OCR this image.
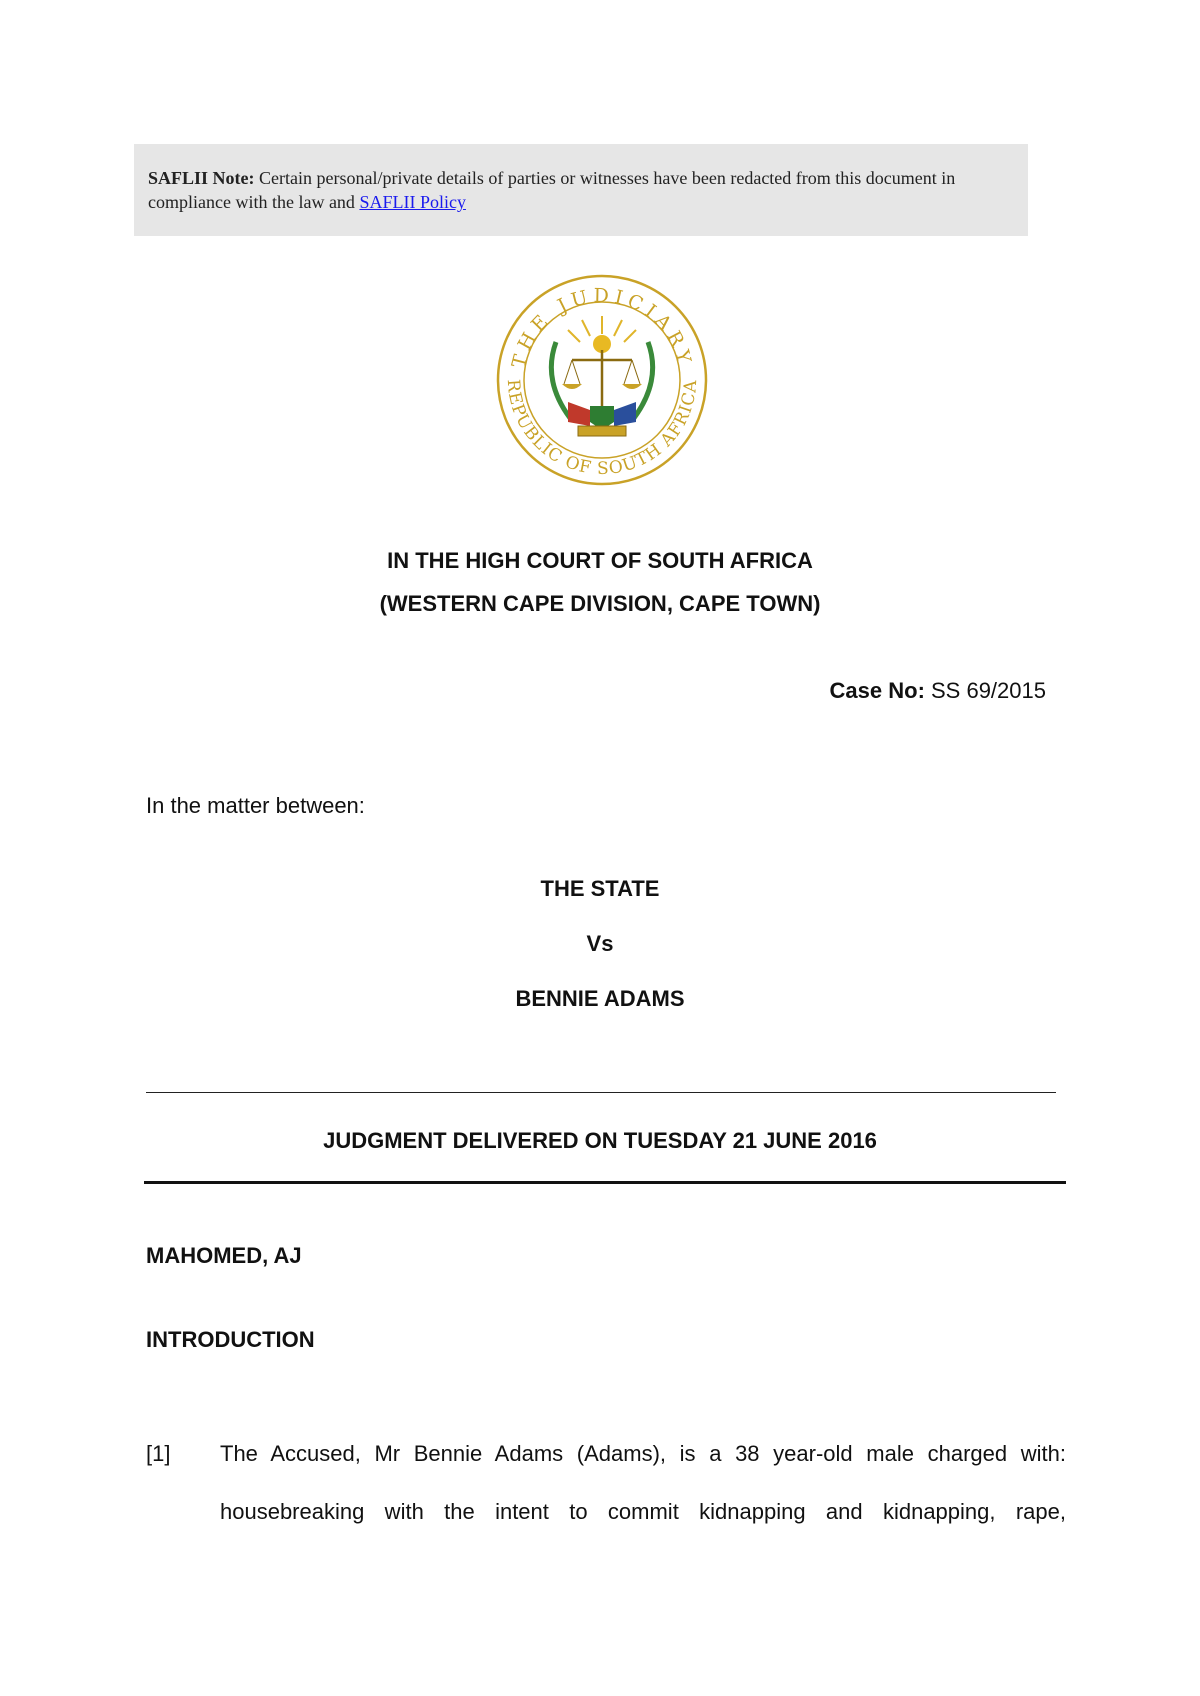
SAFLII Note: Certain personal/private details of parties or witnesses have been redacted from this document in compliance with the law and SAFLII Policy
THE JUDICIARY
REPUBLIC OF SOUTH AFRICA
IN THE HIGH COURT OF SOUTH AFRICA
(WESTERN CAPE DIVISION, CAPE TOWN)
Case No: SS 69/2015
In the matter between:
THE STATE
Vs
BENNIE ADAMS
JUDGMENT DELIVERED ON TUESDAY 21 JUNE 2016
MAHOMED, AJ
INTRODUCTION
[1] The Accused, Mr Bennie Adams (Adams), is a 38 year-old male charged with:
housebreaking with the intent to commit kidnapping and kidnapping, rape,
